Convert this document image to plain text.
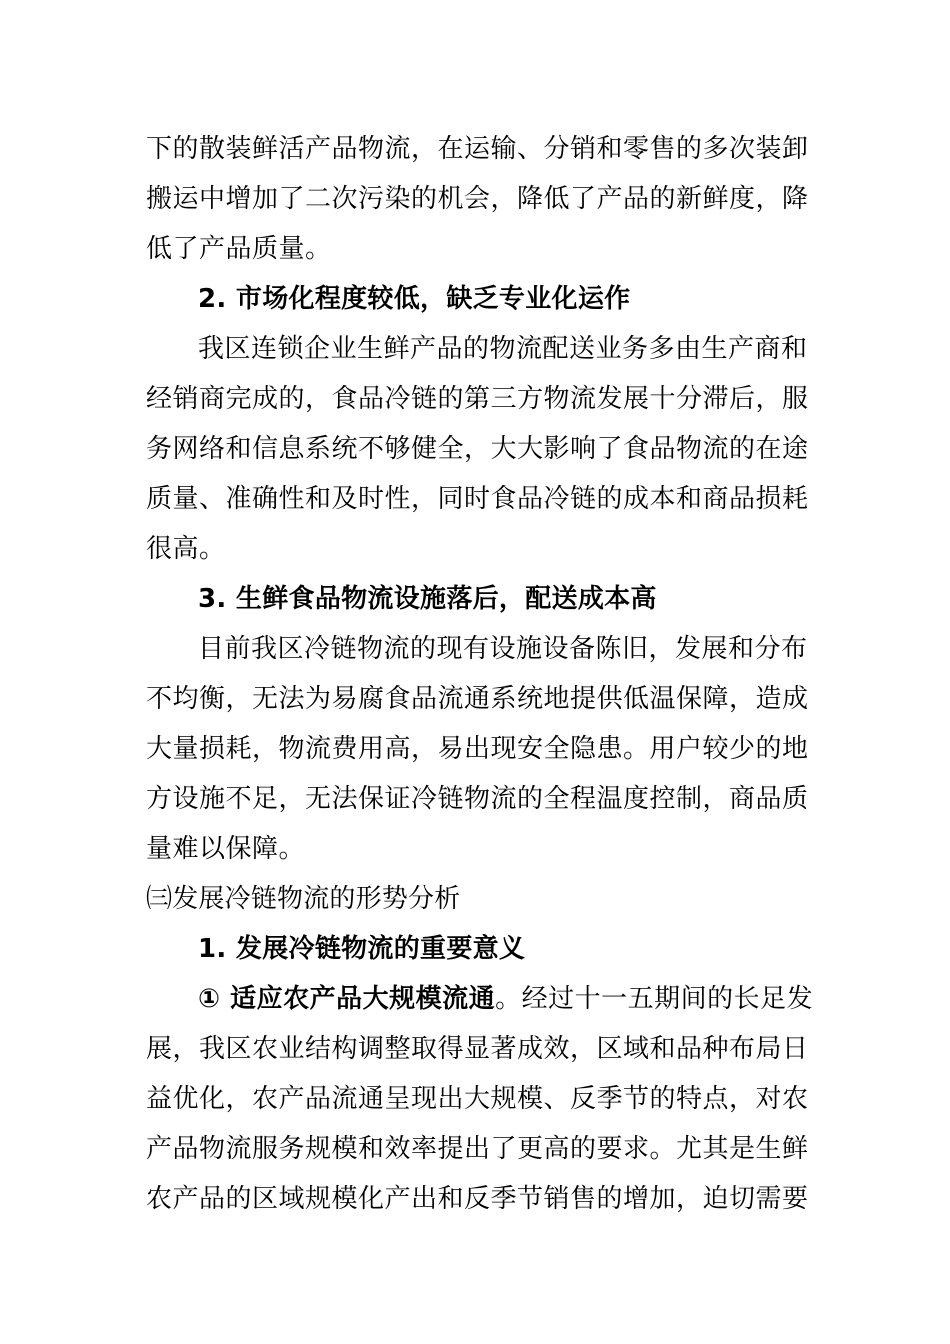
下的散装鲜活产品物流，在运输、分销和零售的多次装卸
搬运中增加了二次污染的机会，降低了产品的新鲜度，降
低了产品质量。
2. 市场化程度较低，缺乏专业化运作
我区连锁企业生鲜产品的物流配送业务多由生产商和
经销商完成的，食品冷链的第三方物流发展十分滞后，服
务网络和信息系统不够健全，大大影响了食品物流的在途
质量、准确性和及时性，同时食品冷链的成本和商品损耗
很高。
3. 生鲜食品物流设施落后，配送成本高
目前我区冷链物流的现有设施设备陈旧，发展和分布
不均衡，无法为易腐食品流通系统地提供低温保障，造成
大量损耗，物流费用高，易出现安全隐患。用户较少的地
方设施不足，无法保证冷链物流的全程温度控制，商品质
量难以保障。
㈢发展冷链物流的形势分析
1. 发展冷链物流的重要意义
① 适应农产品大规模流通。经过十一五期间的长足发
展，我区农业结构调整取得显著成效，区域和品种布局日
益优化，农产品流通呈现出大规模、反季节的特点，对农
产品物流服务规模和效率提出了更高的要求。尤其是生鲜
农产品的区域规模化产出和反季节销售的增加，迫切需要
